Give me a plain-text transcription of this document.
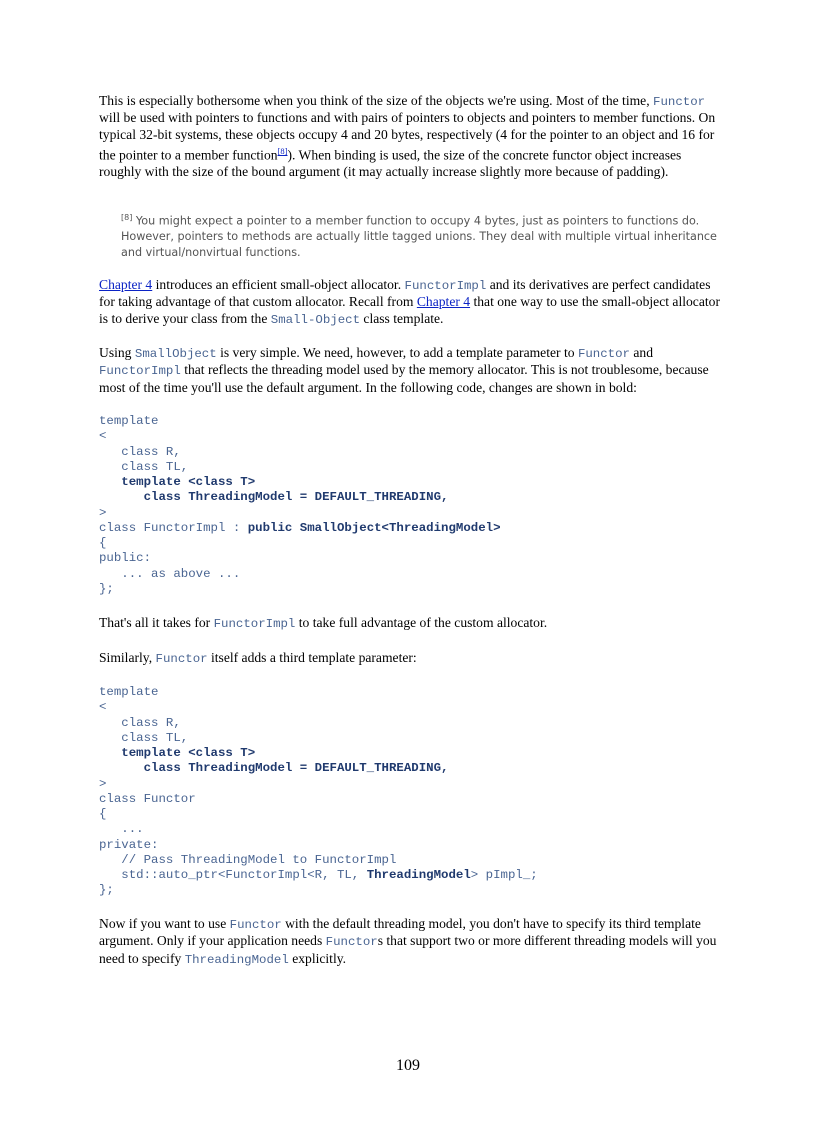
This is especially bothersome when you think of the size of the objects we're using. Most of the time, Functor will be used with pointers to functions and with pairs of pointers to objects and pointers to member functions. On typical 32-bit systems, these objects occupy 4 and 20 bytes, respectively (4 for the pointer to an object and 16 for the pointer to a member function[8]). When binding is used, the size of the concrete functor object increases roughly with the size of the bound argument (it may actually increase slightly more because of padding).

[8] You might expect a pointer to a member function to occupy 4 bytes, just as pointers to functions do. However, pointers to methods are actually little tagged unions. They deal with multiple virtual inheritance and virtual/nonvirtual functions.

Chapter 4 introduces an efficient small-object allocator. FunctorImpl and its derivatives are perfect candidates for taking advantage of that custom allocator. Recall from Chapter 4 that one way to use the small-object allocator is to derive your class from the Small-Object class template.

Using SmallObject is very simple. We need, however, to add a template parameter to Functor and FunctorImpl that reflects the threading model used by the memory allocator. This is not troublesome, because most of the time you'll use the default argument. In the following code, changes are shown in bold:

template
<
class R,
class TL,
template <class T>
class ThreadingModel = DEFAULT_THREADING,
>
class FunctorImpl : public SmallObject<ThreadingModel>
{
public:
... as above ...
};

That's all it takes for FunctorImpl to take full advantage of the custom allocator.

Similarly, Functor itself adds a third template parameter:

template
<
class R,
class TL,
template <class T>
class ThreadingModel = DEFAULT_THREADING,
>
class Functor
{
...
private:
// Pass ThreadingModel to FunctorImpl
std::auto_ptr<FunctorImpl<R, TL, ThreadingModel> pImpl_;
};

Now if you want to use Functor with the default threading model, you don't have to specify its third template argument. Only if your application needs Functors that support two or more different threading models will you need to specify ThreadingModel explicitly.

109
